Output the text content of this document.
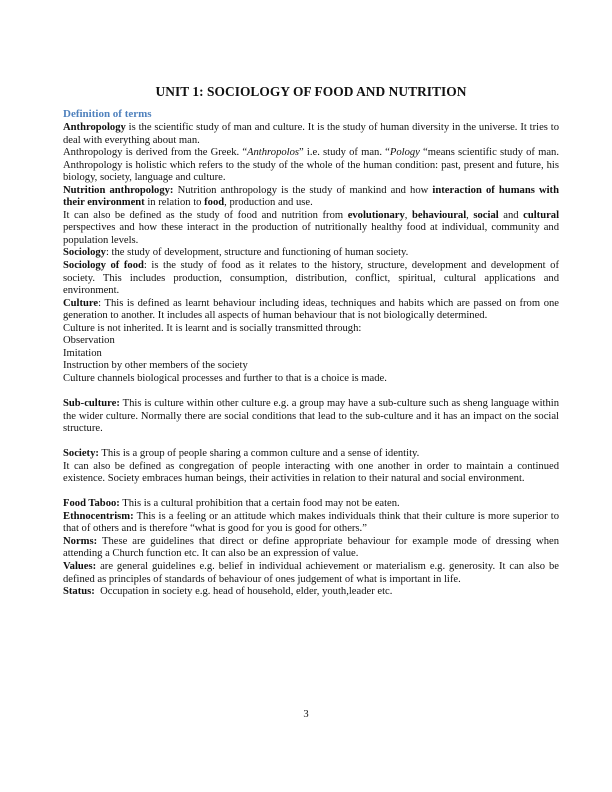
UNIT 1: SOCIOLOGY OF FOOD AND NUTRITION
Definition of terms

Anthropology is the scientific study of man and culture. It is the study of human diversity in the universe. It tries to deal with everything about man.

Anthropology is derived from the Greek. “Anthropolos” i.e. study of man. “Pology “means scientific study of man. Anthropology is holistic which refers to the study of the whole of the human condition: past, present and future, his biology, society, language and culture.

Nutrition anthropology: Nutrition anthropology is the study of mankind and how interaction of humans with their environment in relation to food, production and use.

It can also be defined as the study of food and nutrition from evolutionary, behavioural, social and cultural perspectives and how these interact in the production of nutritionally healthy food at individual, community and population levels.

Sociology: the study of development, structure and functioning of human society.

Sociology of food: is the study of food as it relates to the history, structure, development and development of society. This includes production, consumption, distribution, conflict, spiritual, cultural applications and environment.

Culture: This is defined as learnt behaviour including ideas, techniques and habits which are passed on from one generation to another. It includes all aspects of human behaviour that is not biologically determined.

Culture is not inherited. It is learnt and is socially transmitted through:

Observation

Imitation

Instruction by other members of the society

Culture channels biological processes and further to that is a choice is made.

Sub-culture: This is culture within other culture e.g. a group may have a sub-culture such as sheng language within the wider culture. Normally there are social conditions that lead to the sub-culture and it has an impact on the social structure.

Society: This is a group of people sharing a common culture and a sense of identity.

It can also be defined as congregation of people interacting with one another in order to maintain a continued existence. Society embraces human beings, their activities in relation to their natural and social environment.

Food Taboo: This is a cultural prohibition that a certain food may not be eaten.

Ethnocentrism: This is a feeling or an attitude which makes individuals think that their culture is more superior to that of others and is therefore “what is good for you is good for others.”

Norms: These are guidelines that direct or define appropriate behaviour for example mode of dressing when attending a Church function etc. It can also be an expression of value.

Values: are general guidelines e.g. belief in individual achievement or materialism e.g. generosity. It can also be defined as principles of standards of behaviour of ones judgement of what is important in life.

Status:  Occupation in society e.g. head of household, elder, youth,leader etc.

3
